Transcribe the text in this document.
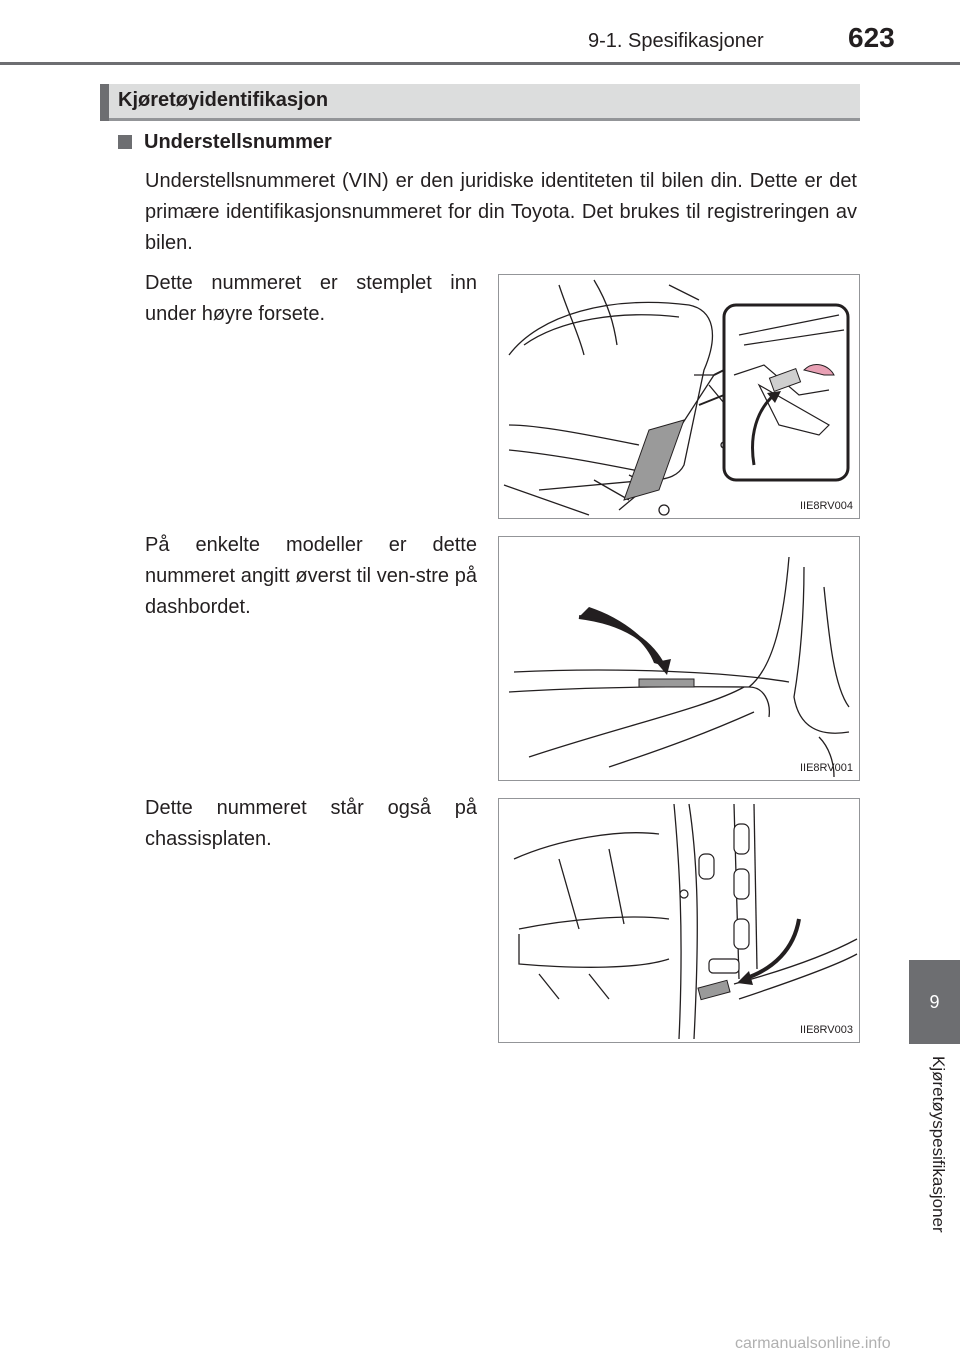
9-1. Spesifikasjoner	623
Kjøretøyidentifikasjon
Understellsnummer
Understellsnummeret (VIN) er den juridiske identiteten til bilen din. Dette er det primære identifikasjonsnummeret for din Toyota. Det brukes til registreringen av bilen.
Dette nummeret er stemplet inn under høyre forsete.
På enkelte modeller er dette nummeret angitt øverst til ven-stre på dashbordet.
Dette nummeret står også på chassisplaten.
IIE8RV004
IIE8RV001
IIE8RV003
9
Kjøretøyspesifikasjoner
carmanualsonline.info
